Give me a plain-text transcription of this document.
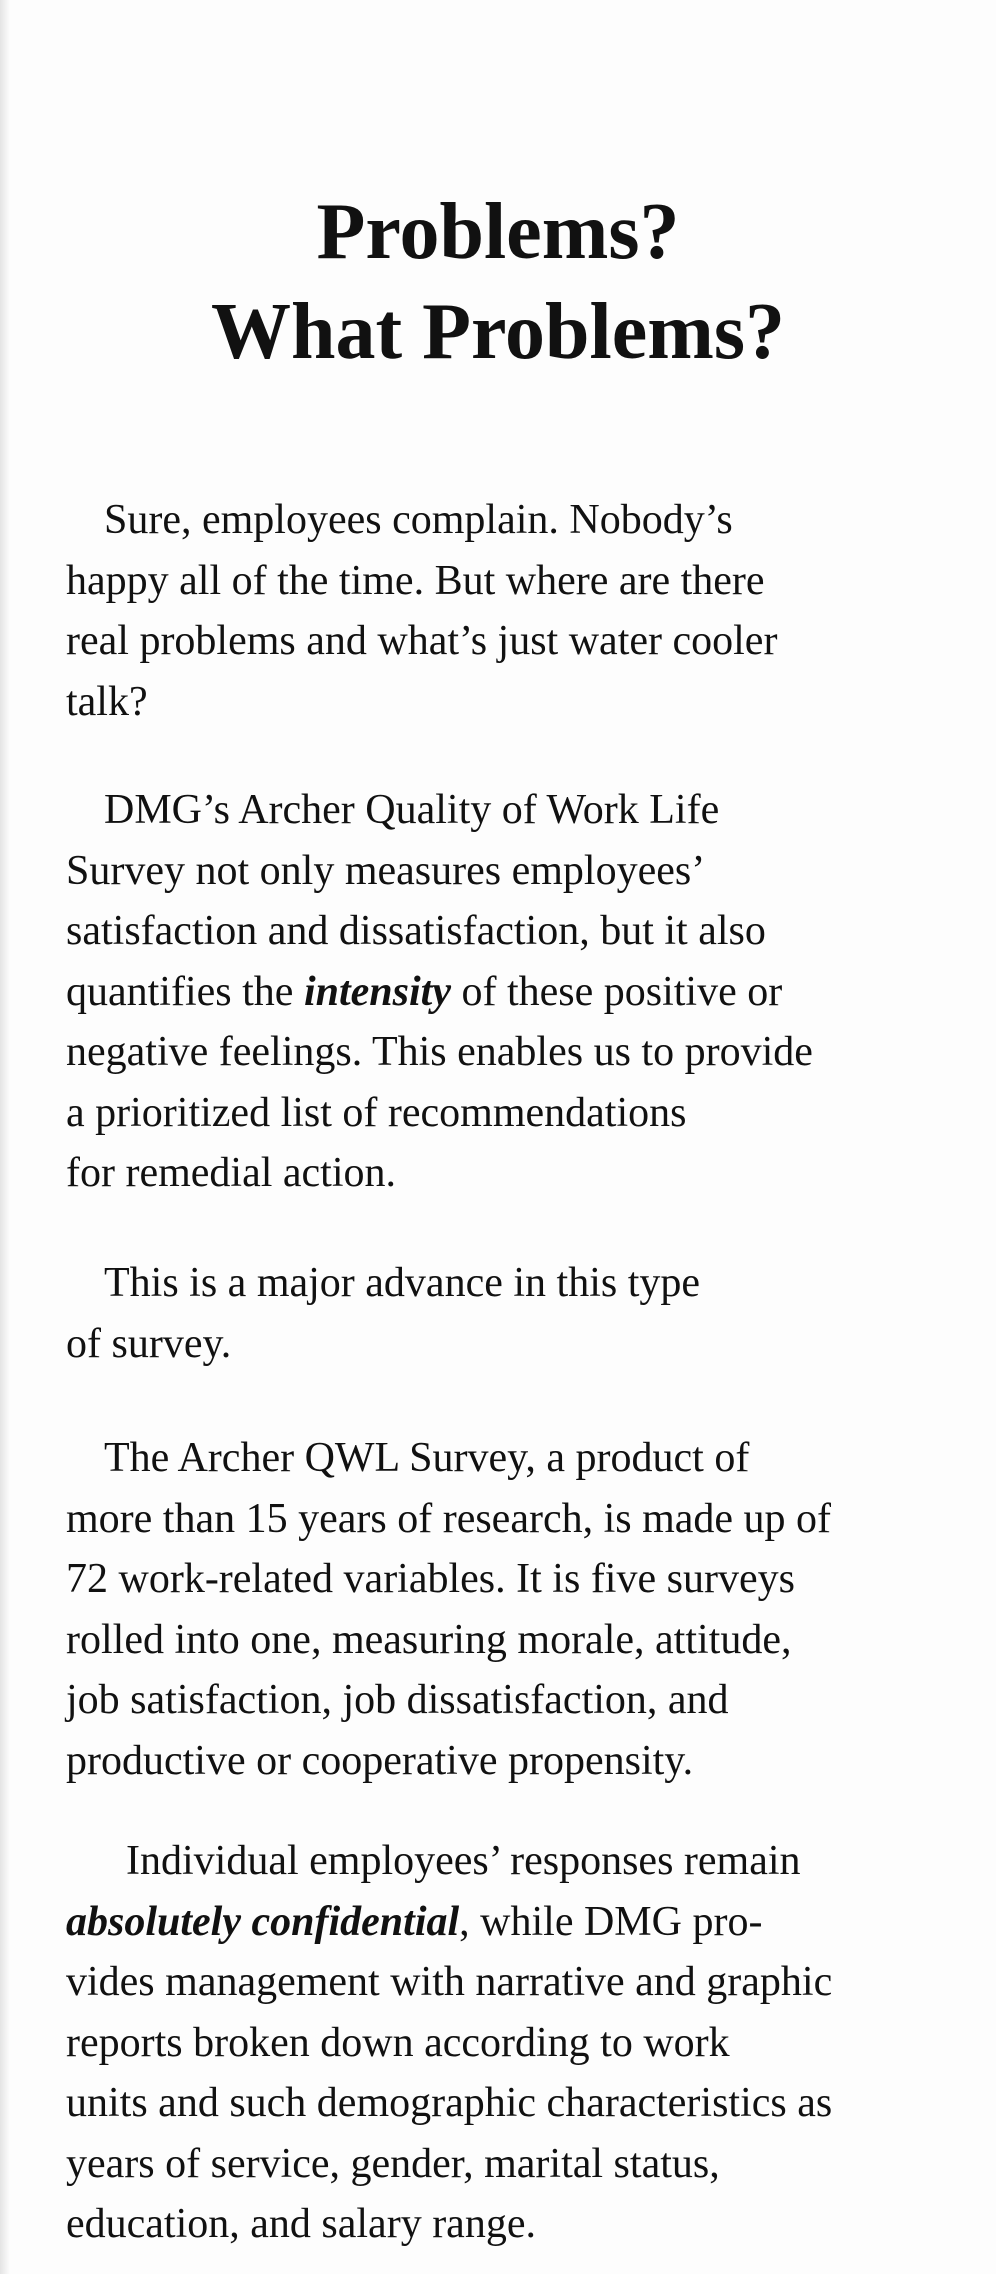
Problems?
What Problems?

Sure, employees complain. Nobody’s
happy all of the time. But where are there
real problems and what’s just water cooler
talk?

DMG’s Archer Quality of Work Life
Survey not only measures employees’
satisfaction and dissatisfaction, but it also
quantifies the intensity of these positive or
negative feelings. This enables us to provide
a prioritized list of recommendations
for remedial action.

This is a major advance in this type
of survey.

The Archer QWL Survey, a product of
more than 15 years of research, is made up of
72 work-related variables. It is five surveys
rolled into one, measuring morale, attitude,
job satisfaction, job dissatisfaction, and
productive or cooperative propensity.

Individual employees’ responses remain
absolutely confidential, while DMG pro-
vides management with narrative and graphic
reports broken down according to work
units and such demographic characteristics as
years of service, gender, marital status,
education, and salary range.
